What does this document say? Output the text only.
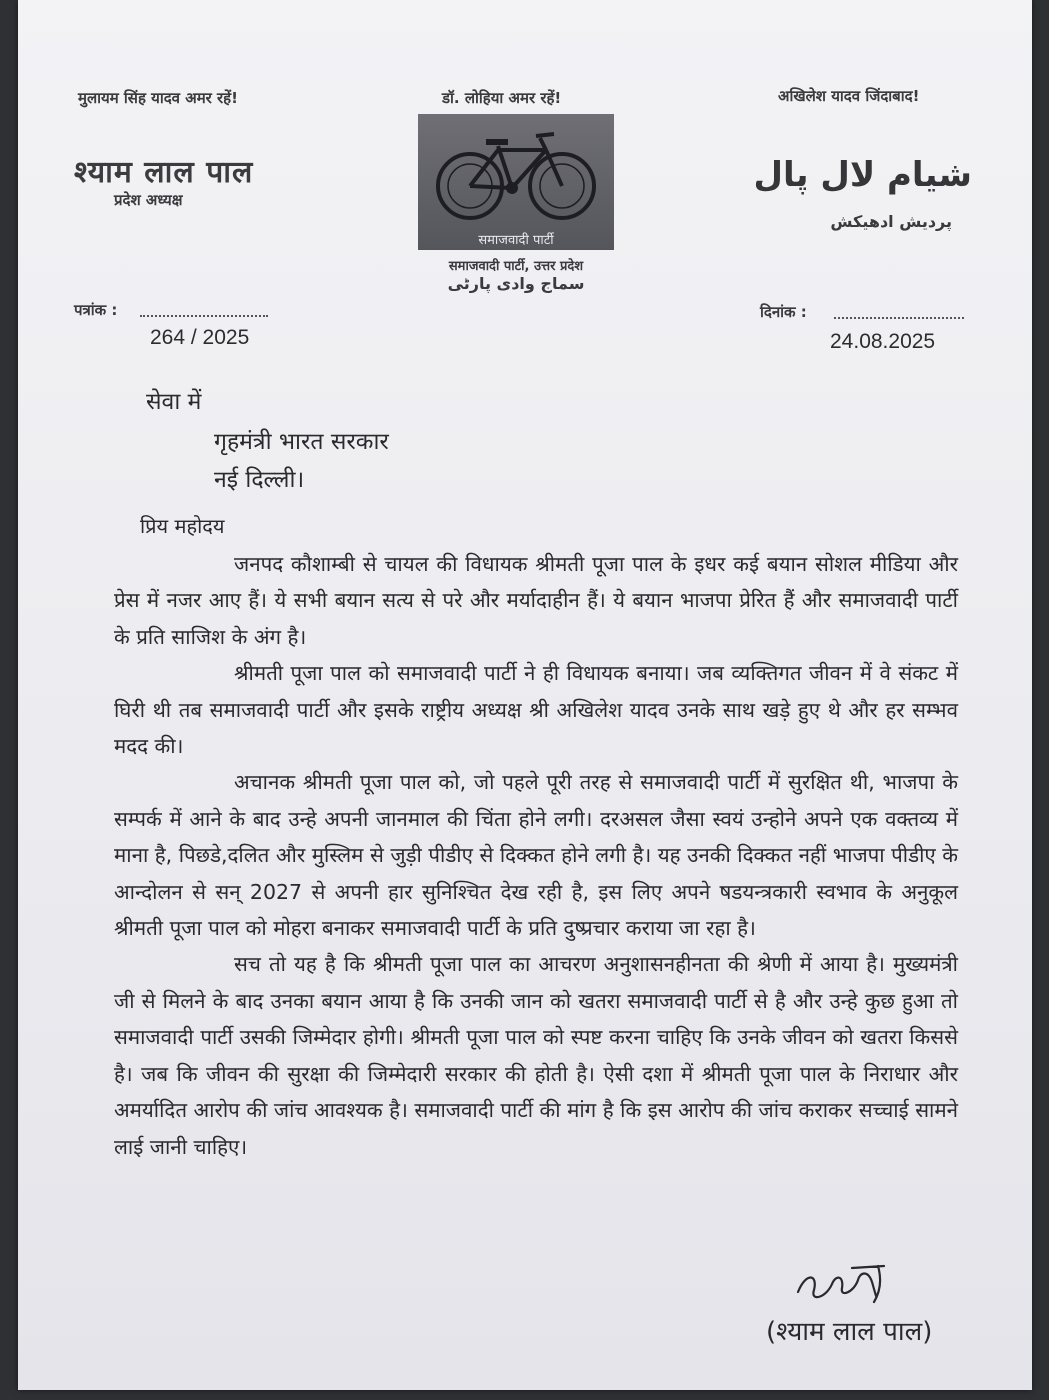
मुलायम सिंह यादव अमर रहें!	डॉ. लोहिया अमर रहें!	अखिलेश यादव जिंदाबाद!
श्याम लाल पाल
प्रदेश अध्यक्ष
شیام لال پال
پردیش ادھیکش
समाजवादी पार्टी
समाजवादी पार्टी, उत्तर प्रदेश
سماج وادی پارٹی
पत्रांक :
264 / 2025
दिनांक :
24.08.2025
सेवा में
गृहमंत्री भारत सरकार
नई दिल्ली।
प्रिय महोदय

जनपद कौशाम्बी से चायल की विधायक श्रीमती पूजा पाल के इधर कई बयान सोशल मीडिया और प्रेस में नजर आए हैं। ये सभी बयान सत्य से परे और मर्यादाहीन हैं। ये बयान भाजपा प्रेरित हैं और समाजवादी पार्टी के प्रति साजिश के अंग है।

श्रीमती पूजा पाल को समाजवादी पार्टी ने ही विधायक बनाया। जब व्यक्तिगत जीवन में वे संकट में घिरी थी तब समाजवादी पार्टी और इसके राष्ट्रीय अध्यक्ष श्री अखिलेश यादव उनके साथ खड़े हुए थे और हर सम्भव मदद की।

अचानक श्रीमती पूजा पाल को, जो पहले पूरी तरह से समाजवादी पार्टी में सुरक्षित थी, भाजपा के सम्पर्क में आने के बाद उन्हे अपनी जानमाल की चिंता होने लगी। दरअसल जैसा स्वयं उन्होने अपने एक वक्तव्य में माना है, पिछडे,दलित और मुस्लिम से जुड़ी पीडीए से दिक्कत होने लगी है। यह उनकी दिक्कत नहीं भाजपा पीडीए के आन्दोलन से सन् 2027 से अपनी हार सुनिश्चित देख रही है, इस लिए अपने षडयन्त्रकारी स्वभाव के अनुकूल श्रीमती पूजा पाल को मोहरा बनाकर समाजवादी पार्टी के प्रति दुष्प्रचार कराया जा रहा है।

सच तो यह है कि श्रीमती पूजा पाल का आचरण अनुशासनहीनता की श्रेणी में आया है। मुख्यमंत्री जी से मिलने के बाद उनका बयान आया है कि उनकी जान को खतरा समाजवादी पार्टी से है और उन्हे कुछ हुआ तो समाजवादी पार्टी उसकी जिम्मेदार होगी। श्रीमती पूजा पाल को स्पष्ट करना चाहिए कि उनके जीवन को खतरा किससे है। जब कि जीवन की सुरक्षा की जिम्मेदारी सरकार की होती है। ऐसी दशा में श्रीमती पूजा पाल के निराधार और अमर्यादित आरोप की जांच आवश्यक है। समाजवादी पार्टी की मांग है कि इस आरोप की जांच कराकर सच्चाई सामने लाई जानी चाहिए।

(श्याम लाल पाल)
